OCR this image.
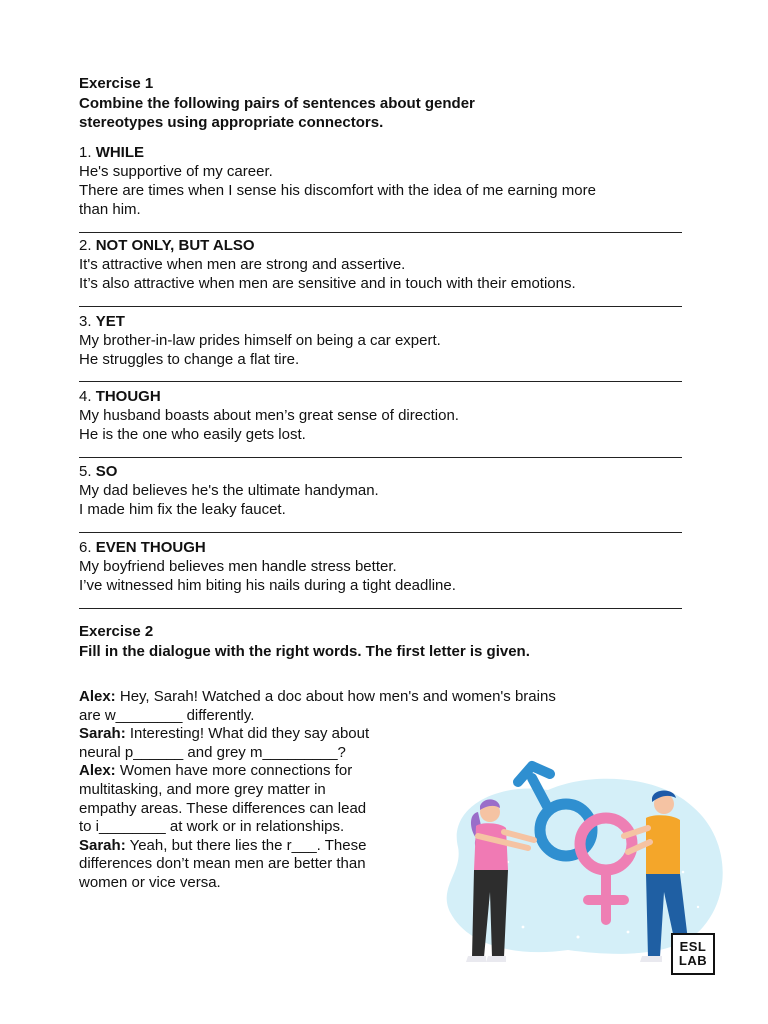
Exercise 1
Combine the following pairs of sentences about gender stereotypes using appropriate connectors.
1. WHILE
He's supportive of my career.
There are times when I sense his discomfort with the idea of me earning more
than him.
2. NOT ONLY, BUT ALSO
It's attractive when men are strong and assertive.
It’s also attractive when men are sensitive and in touch with their emotions.
3. YET
My brother-in-law prides himself on being a car expert.
He struggles to change a flat tire.
4. THOUGH
My husband boasts about men’s great sense of direction.
He is the one who easily gets lost.
5. SO
My dad believes he's the ultimate handyman.
I made him fix the leaky faucet.
6. EVEN THOUGH
My boyfriend believes men handle stress better.
I’ve witnessed him biting his nails during a tight deadline.
Exercise 2
Fill in the dialogue with the right words. The first letter is given.
Alex: Hey, Sarah! Watched a doc about how men's and women's brains
are w________ differently.
Sarah: Interesting! What did they say about
neural p______ and grey m_________?
Alex: Women have more connections for
multitasking, and more grey matter in
empathy areas. These differences can lead
to i________ at work or in relationships.
Sarah: Yeah, but there lies the r___. These
differences don’t mean men are better than
women or vice versa.
ESL
LAB
